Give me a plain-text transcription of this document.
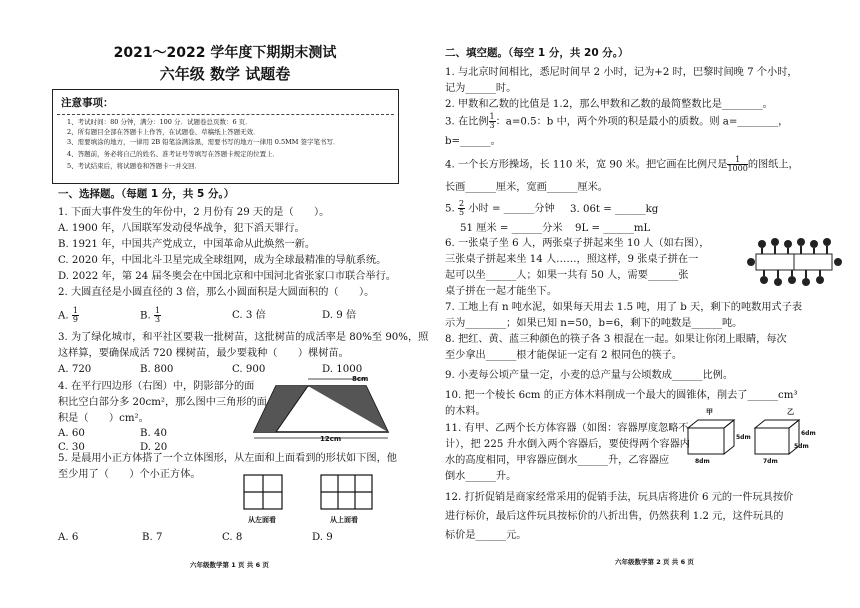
2021～2022 学年度下期期末测试
六年级 数学 试题卷
注意事项：
1、考试时间：80 分钟，满分：100 分．试题卷总页数：6 页．
2、所有题目全部在答题卡上作答，在试题卷、草稿纸上答题无效．
3、需要填涂的地方，一律用 2B 铅笔涂满涂黑，需要书写的地方一律用 0.5MM 签字笔书写．
4、答题前，务必将自己的姓名、准考证号等填写在答题卡规定的位置上．
5、考试结束后，将试题卷和答题卡一并交回．
一、选择题。（每题 1 分，共 5 分。）
1. 下面大事件发生的年份中，2 月份有 29 天的是（　　）。
A. 1900 年，八国联军发动侵华战争，犯下滔天罪行。
B. 1921 年，中国共产党成立，中国革命从此焕然一新。
C. 2020 年，中国北斗卫星完成全球组网，成为全球最精准的导航系统。
D. 2022 年，第 24 届冬奥会在中国北京和中国河北省张家口市联合举行。
2. 大圆直径是小圆直径的 3 倍，那么小圆面积是大圆面积的（　　）。
A. $\frac{1}{9}$	B. $\frac{1}{3}$	C. 3 倍	D. 9 倍
3. 为了绿化城市，和平社区要栽一批树苗，这批树苗的成活率是 80%至 90%，照
这样算，要确保成活 720 棵树苗，最少要栽种（　　）棵树苗。
A. 720	B. 800	C. 900	D. 1000
4. 在平行四边形（右图）中，阴影部分的面
积比空白部分多 20cm²，那么图中三角形的面
积是（　　）cm²。
A. 60	B. 40
C. 30	D. 20
8cm
12cm
5. 是晨用小正方体搭了一个立体图形，从左面和上面看到的形状如下图，他
至少用了（　　）个小正方体。
从左面看	从上面看
A. 6	B. 7	C. 8	D. 9
六年级数学第 1 页 共 6 页
二、填空题。（每空 1 分，共 20 分。）
1. 与北京时间相比，悉尼时间早 2 小时，记为+2 时，巴黎时间晚 7 个小时，
记为______时。
2. 甲数和乙数的比值是 1.2，那么甲数和乙数的最简整数比是________。
3. 在比例 $\frac{1}{3}$ ：a=0.5：b 中，两个外项的积是最小的质数。则 a=________，
b=______。
4. 一个长方形操场，长 110 米，宽 90 米。把它画在比例尺是 $\frac{1}{1000}$ 的图纸上，
长画______厘米，宽画______厘米。
5. $\frac{2}{5}$ 小时 = ______分钟 3. 06t = ______kg
51 厘米 = ______分米 9L = ______mL
6. 一张桌子坐 6 人，两张桌子拼起来坐 10 人（如右图），
三张桌子拼起来坐 14 人……，照这样，9 张桌子拼在一
起可以坐______人；如果一共有 50 人，需要______张
桌子拼在一起才能坐下。
7. 工地上有 n 吨水泥，如果每天用去 1.5 吨，用了 b 天，剩下的吨数用式子表
示为________；如果已知 n=50，b=6，剩下的吨数是______吨。
8. 把红、黄、蓝三种颜色的筷子各 3 根混在一起。如果让你闭上眼睛，每次
至少拿出______根才能保证一定有 2 根同色的筷子。
9. 小麦每公顷产量一定，小麦的总产量与公顷数成______比例。
10. 把一个棱长 6cm 的正方体木料削成一个最大的圆锥体，削去了______cm³
的木料。
11. 有甲、乙两个长方体容器（如图：容器厚度忽略不
计），把 225 升水倒入两个容器后，要使得两个容器内
水的高度相同，甲容器应倒水______升，乙容器应
倒水______升。
甲	乙
5dm
8dm
6dm
5dm
7dm
12. 打折促销是商家经常采用的促销手法，玩具店将进价 6 元的一件玩具按价
进行标价，最后这件玩具按标价的八折出售，仍然获利 1.2 元，这件玩具的
标价是______元。
六年级数学第 2 页 共 6 页
